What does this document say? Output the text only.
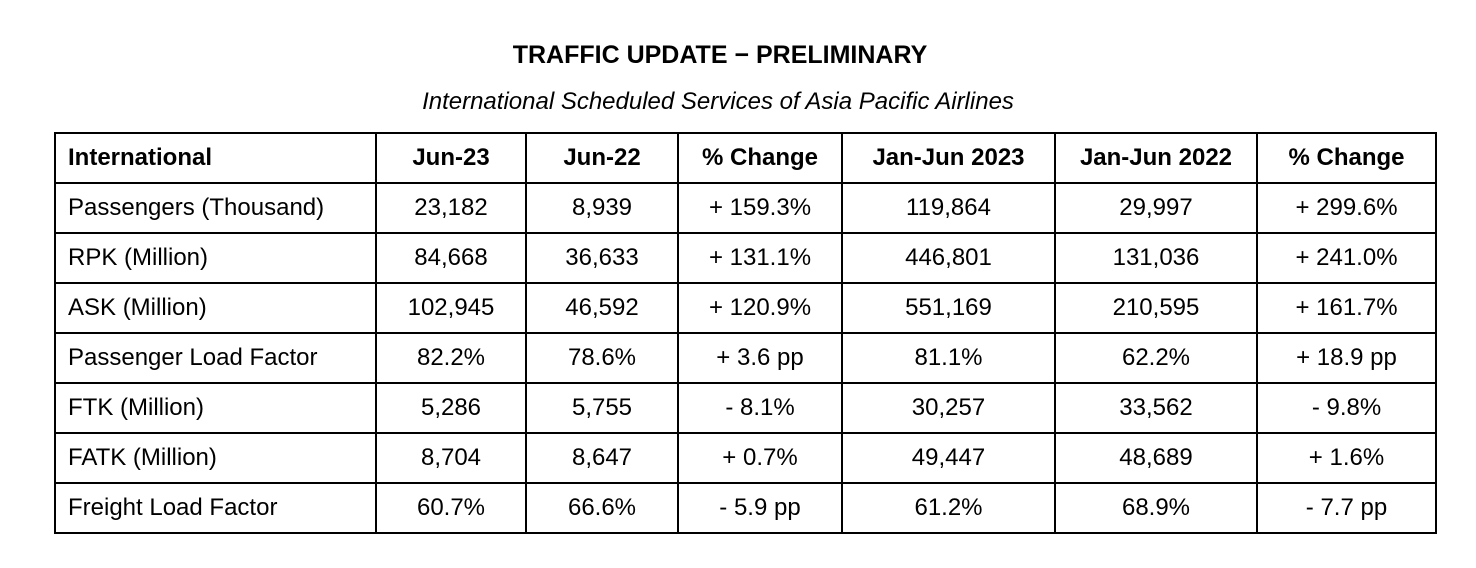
TRAFFIC UPDATE − PRELIMINARY
International Scheduled Services of Asia Pacific Airlines
International	Jun-23	Jun-22	% Change	Jan-Jun 2023	Jan-Jun 2022	% Change
Passengers (Thousand)	23,182	8,939	+ 159.3%	119,864	29,997	+ 299.6%
RPK (Million)	84,668	36,633	+ 131.1%	446,801	131,036	+ 241.0%
ASK (Million)	102,945	46,592	+ 120.9%	551,169	210,595	+ 161.7%
Passenger Load Factor	82.2%	78.6%	+ 3.6 pp	81.1%	62.2%	+ 18.9 pp
FTK (Million)	5,286	5,755	- 8.1%	30,257	33,562	- 9.8%
FATK (Million)	8,704	8,647	+ 0.7%	49,447	48,689	+ 1.6%
Freight Load Factor	60.7%	66.6%	- 5.9 pp	61.2%	68.9%	- 7.7 pp
